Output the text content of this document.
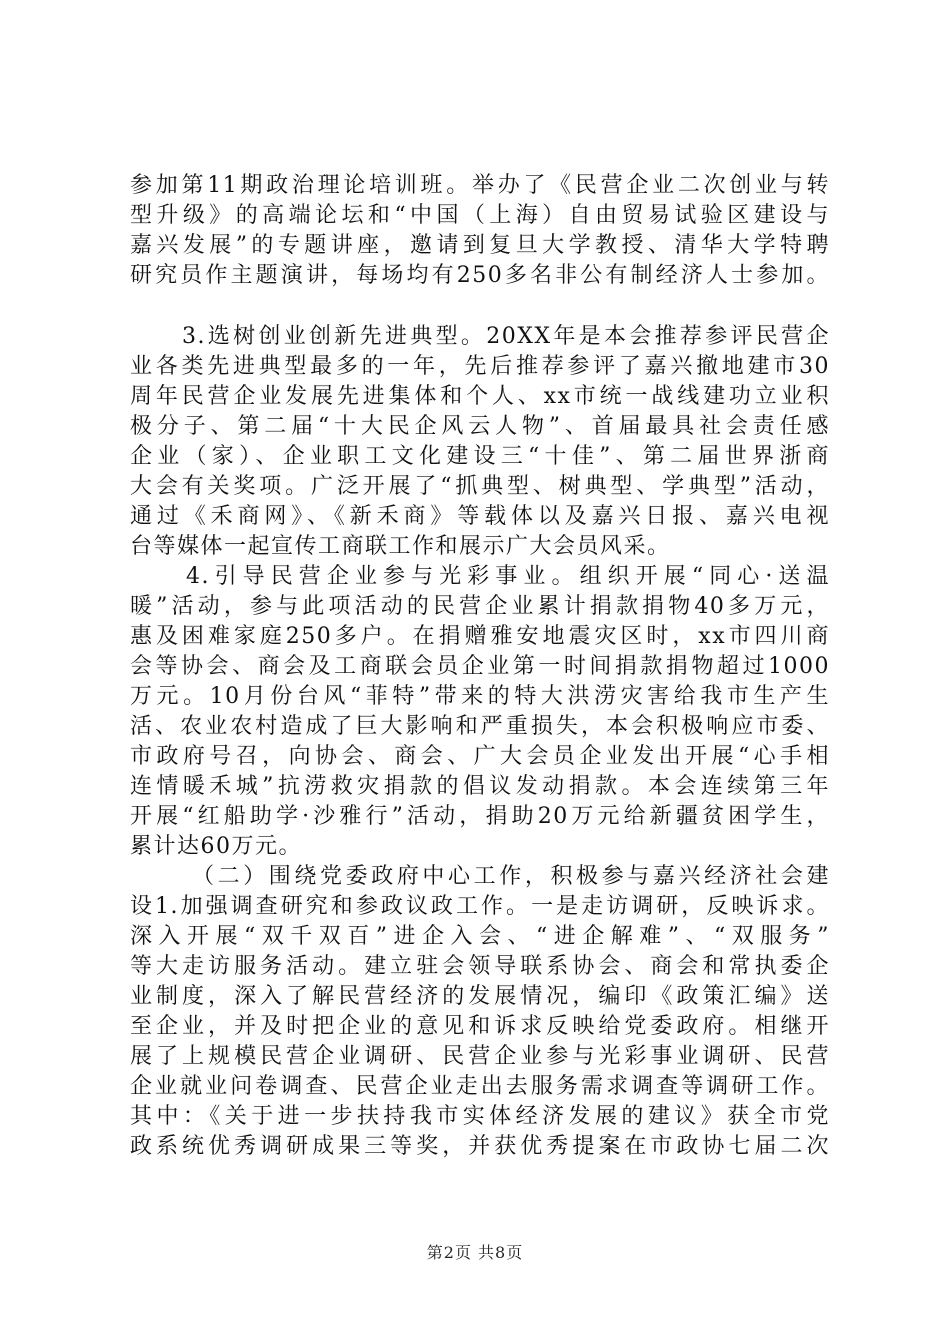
参加第11期政治理论培训班。举办了《民营企业二次创业与转
型升级》的高端论坛和“中国（上海）自由贸易试验区建设与
嘉兴发展”的专题讲座，邀请到复旦大学教授、清华大学特聘
研究员作主题演讲，每场均有250多名非公有制经济人士参加。
3.选树创业创新先进典型。20XX年是本会推荐参评民营企
业各类先进典型最多的一年，先后推荐参评了嘉兴撤地建市30
周年民营企业发展先进集体和个人、xx市统一战线建功立业积
极分子、第二届“十大民企风云人物”、首届最具社会责任感
企业（家）、企业职工文化建设三“十佳”、第二届世界浙商
大会有关奖项。广泛开展了“抓典型、树典型、学典型”活动，
通过《禾商网》、《新禾商》等载体以及嘉兴日报、嘉兴电视
台等媒体一起宣传工商联工作和展示广大会员风采。
4.引导民营企业参与光彩事业。组织开展“同心·送温
暖”活动，参与此项活动的民营企业累计捐款捐物40多万元，
惠及困难家庭250多户。在捐赠雅安地震灾区时，xx市四川商
会等协会、商会及工商联会员企业第一时间捐款捐物超过1000
万元。10月份台风“菲特”带来的特大洪涝灾害给我市生产生
活、农业农村造成了巨大影响和严重损失，本会积极响应市委、
市政府号召，向协会、商会、广大会员企业发出开展“心手相
连情暖禾城”抗涝救灾捐款的倡议发动捐款。本会连续第三年
开展“红船助学·沙雅行”活动，捐助20万元给新疆贫困学生，
累计达60万元。
（二）围绕党委政府中心工作，积极参与嘉兴经济社会建
设1.加强调查研究和参政议政工作。一是走访调研，反映诉求。
深入开展“双千双百”进企入会、“进企解难”、“双服务”
等大走访服务活动。建立驻会领导联系协会、商会和常执委企
业制度，深入了解民营经济的发展情况，编印《政策汇编》送
至企业，并及时把企业的意见和诉求反映给党委政府。相继开
展了上规模民营企业调研、民营企业参与光彩事业调研、民营
企业就业问卷调查、民营企业走出去服务需求调查等调研工作。
其中：《关于进一步扶持我市实体经济发展的建议》获全市党
政系统优秀调研成果三等奖，并获优秀提案在市政协七届二次
第2页 共8页
